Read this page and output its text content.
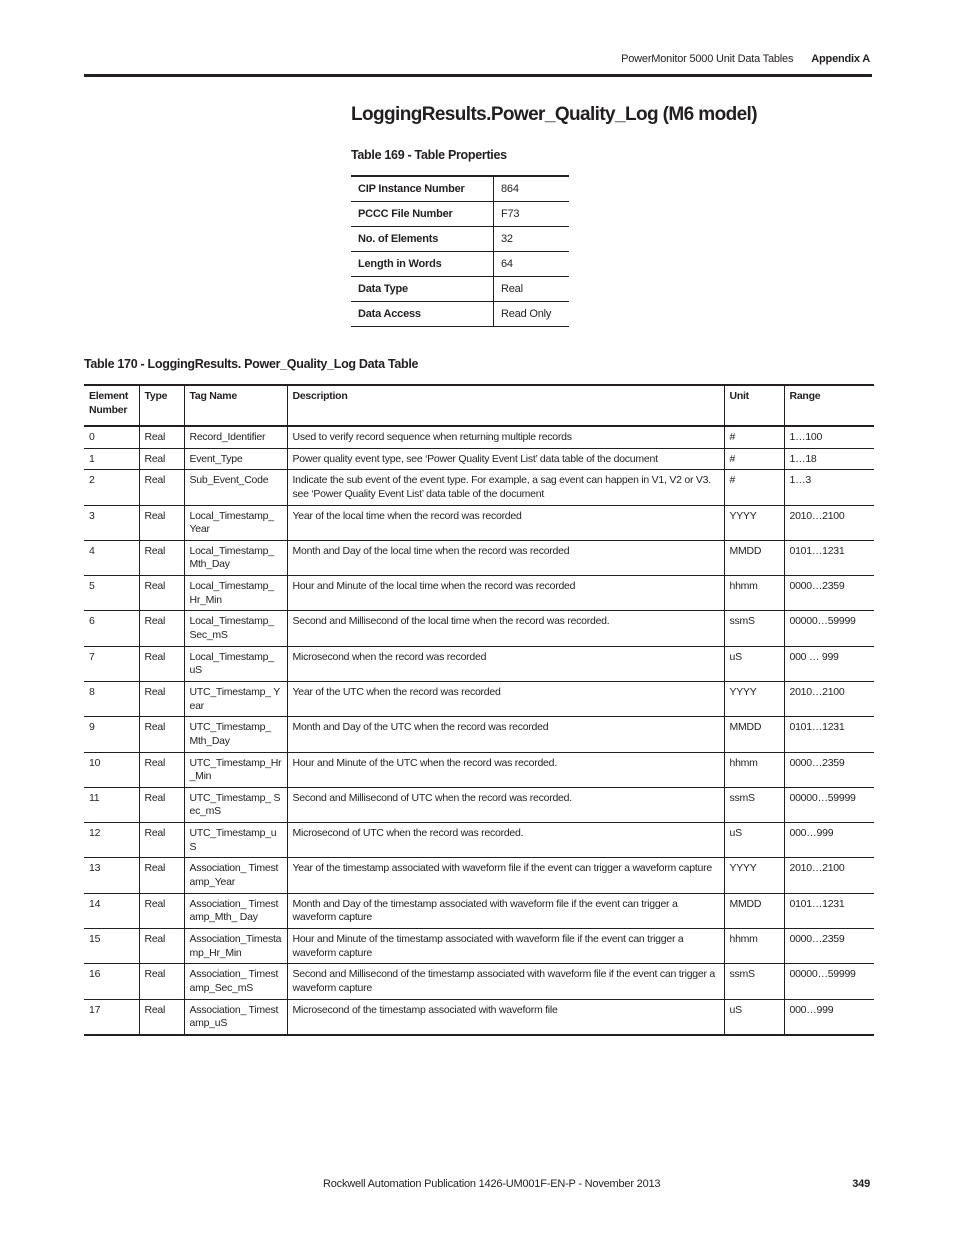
PowerMonitor 5000 Unit Data Tables Appendix A
LoggingResults.Power_Quality_Log (M6 model)

Table 169 - Table Properties

CIP Instance Number	864
PCCC File Number	F73
No. of Elements	32
Length in Words	64
Data Type	Real
Data Access	Read Only

Table 170 - LoggingResults. Power_Quality_Log Data Table

Element Number	Type	Tag Name	Description	Unit	Range
0	Real	Record_Identifier	Used to verify record sequence when returning multiple records	#	1…100
1	Real	Event_Type	Power quality event type, see ‘Power Quality Event List’ data table of the document	#	1…18
2	Real	Sub_Event_Code	Indicate the sub event of the event type. For example, a sag event can happen in V1, V2 or V3. see ‘Power Quality Event List’ data table of the document	#	1…3
3	Real	Local_Timestamp_ Year	Year of the local time when the record was recorded	YYYY	2010…2100
4	Real	Local_Timestamp_ Mth_Day	Month and Day of the local time when the record was recorded	MMDD	0101…1231
5	Real	Local_Timestamp_ Hr_Min	Hour and Minute of the local time when the record was recorded	hhmm	0000…2359
6	Real	Local_Timestamp_ Sec_mS	Second and Millisecond of the local time when the record was recorded.	ssmS	00000…59999
7	Real	Local_Timestamp_ uS	Microsecond when the record was recorded	uS	000 … 999
8	Real	UTC_Timestamp_ Year	Year of the UTC when the record was recorded	YYYY	2010…2100
9	Real	UTC_Timestamp_ Mth_Day	Month and Day of the UTC when the record was recorded	MMDD	0101…1231
10	Real	UTC_Timestamp_Hr _Min	Hour and Minute of the UTC when the record was recorded.	hhmm	0000…2359
11	Real	UTC_Timestamp_ Sec_mS	Second and Millisecond of UTC when the record was recorded.	ssmS	00000…59999
12	Real	UTC_Timestamp_uS	Microsecond of UTC when the record was recorded.	uS	000…999
13	Real	Association_ Timestamp_Year	Year of the timestamp associated with waveform file if the event can trigger a waveform capture	YYYY	2010…2100
14	Real	Association_ Timestamp_Mth_ Day	Month and Day of the timestamp associated with waveform file if the event can trigger a waveform capture	MMDD	0101…1231
15	Real	Association_Timesta mp_Hr_Min	Hour and Minute of the timestamp associated with waveform file if the event can trigger a waveform capture	hhmm	0000…2359
16	Real	Association_ Timestamp_Sec_mS	Second and Millisecond of the timestamp associated with waveform file if the event can trigger a waveform capture	ssmS	00000…59999
17	Real	Association_ Timestamp_uS	Microsecond of the timestamp associated with waveform file	uS	000…999
Rockwell Automation Publication 1426-UM001F-EN-P - November 2013	349
